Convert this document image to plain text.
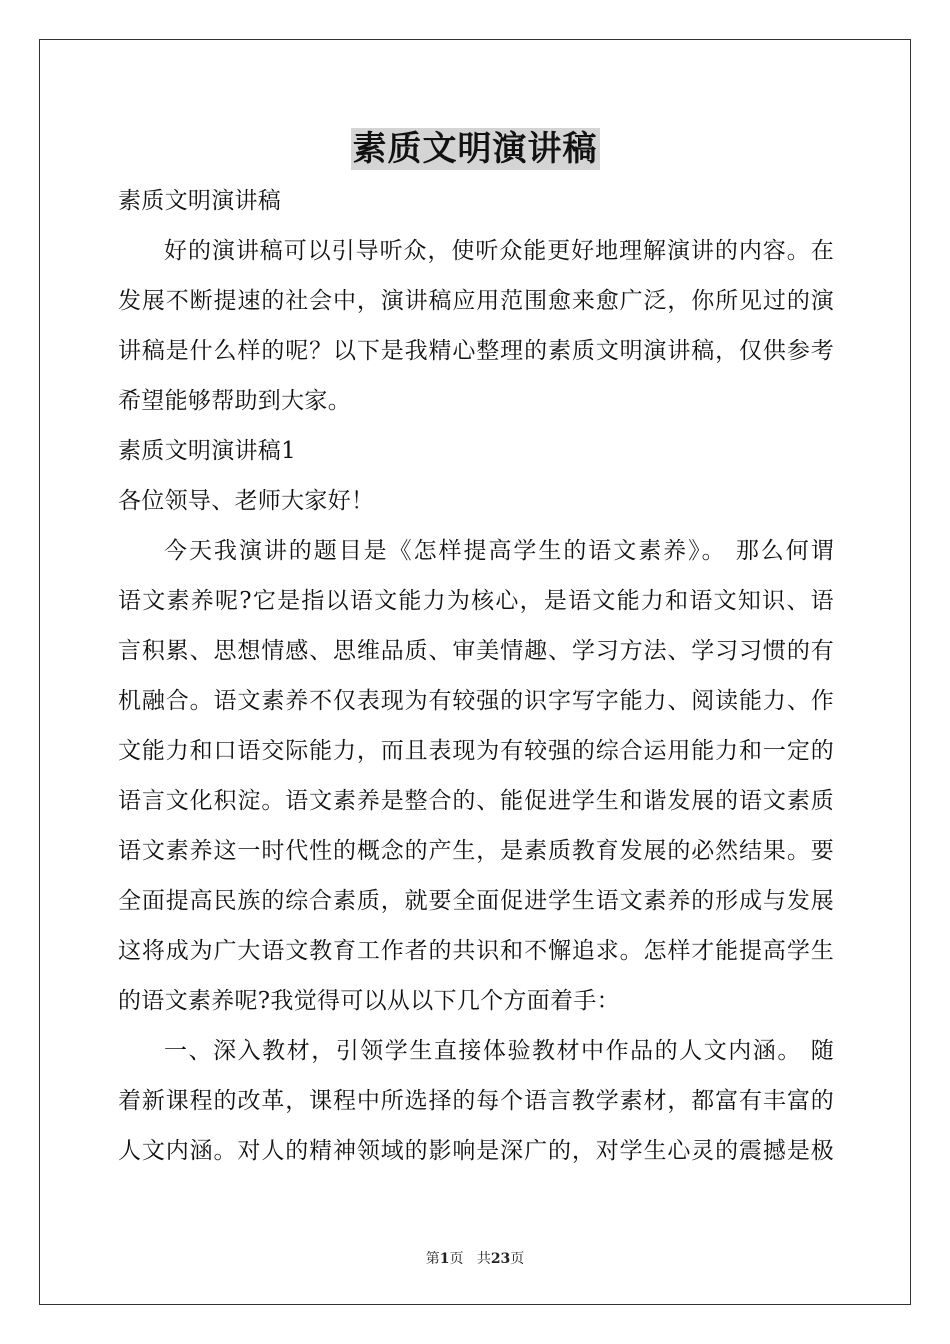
素质文明演讲稿
素质文明演讲稿
好的演讲稿可以引导听众，使听众能更好地理解演讲的内容。在
发展不断提速的社会中，演讲稿应用范围愈来愈广泛，你所见过的演
讲稿是什么样的呢？以下是我精心整理的素质文明演讲稿，仅供参考
希望能够帮助到大家。
素质文明演讲稿1
各位领导、老师大家好！
今天我演讲的题目是《怎样提高学生的语文素养》。 那么何谓
语文素养呢?它是指以语文能力为核心，是语文能力和语文知识、语
言积累、思想情感、思维品质、审美情趣、学习方法、学习习惯的有
机融合。语文素养不仅表现为有较强的识字写字能力、阅读能力、作
文能力和口语交际能力，而且表现为有较强的综合运用能力和一定的
语言文化积淀。语文素养是整合的、能促进学生和谐发展的语文素质
语文素养这一时代性的概念的产生，是素质教育发展的必然结果。要
全面提高民族的综合素质，就要全面促进学生语文素养的形成与发展
这将成为广大语文教育工作者的共识和不懈追求。怎样才能提高学生
的语文素养呢?我觉得可以从以下几个方面着手：
一、深入教材，引领学生直接体验教材中作品的人文内涵。 随
着新课程的改革，课程中所选择的每个语言教学素材，都富有丰富的
人文内涵。对人的精神领域的影响是深广的，对学生心灵的震撼是极
第1页 共23页
